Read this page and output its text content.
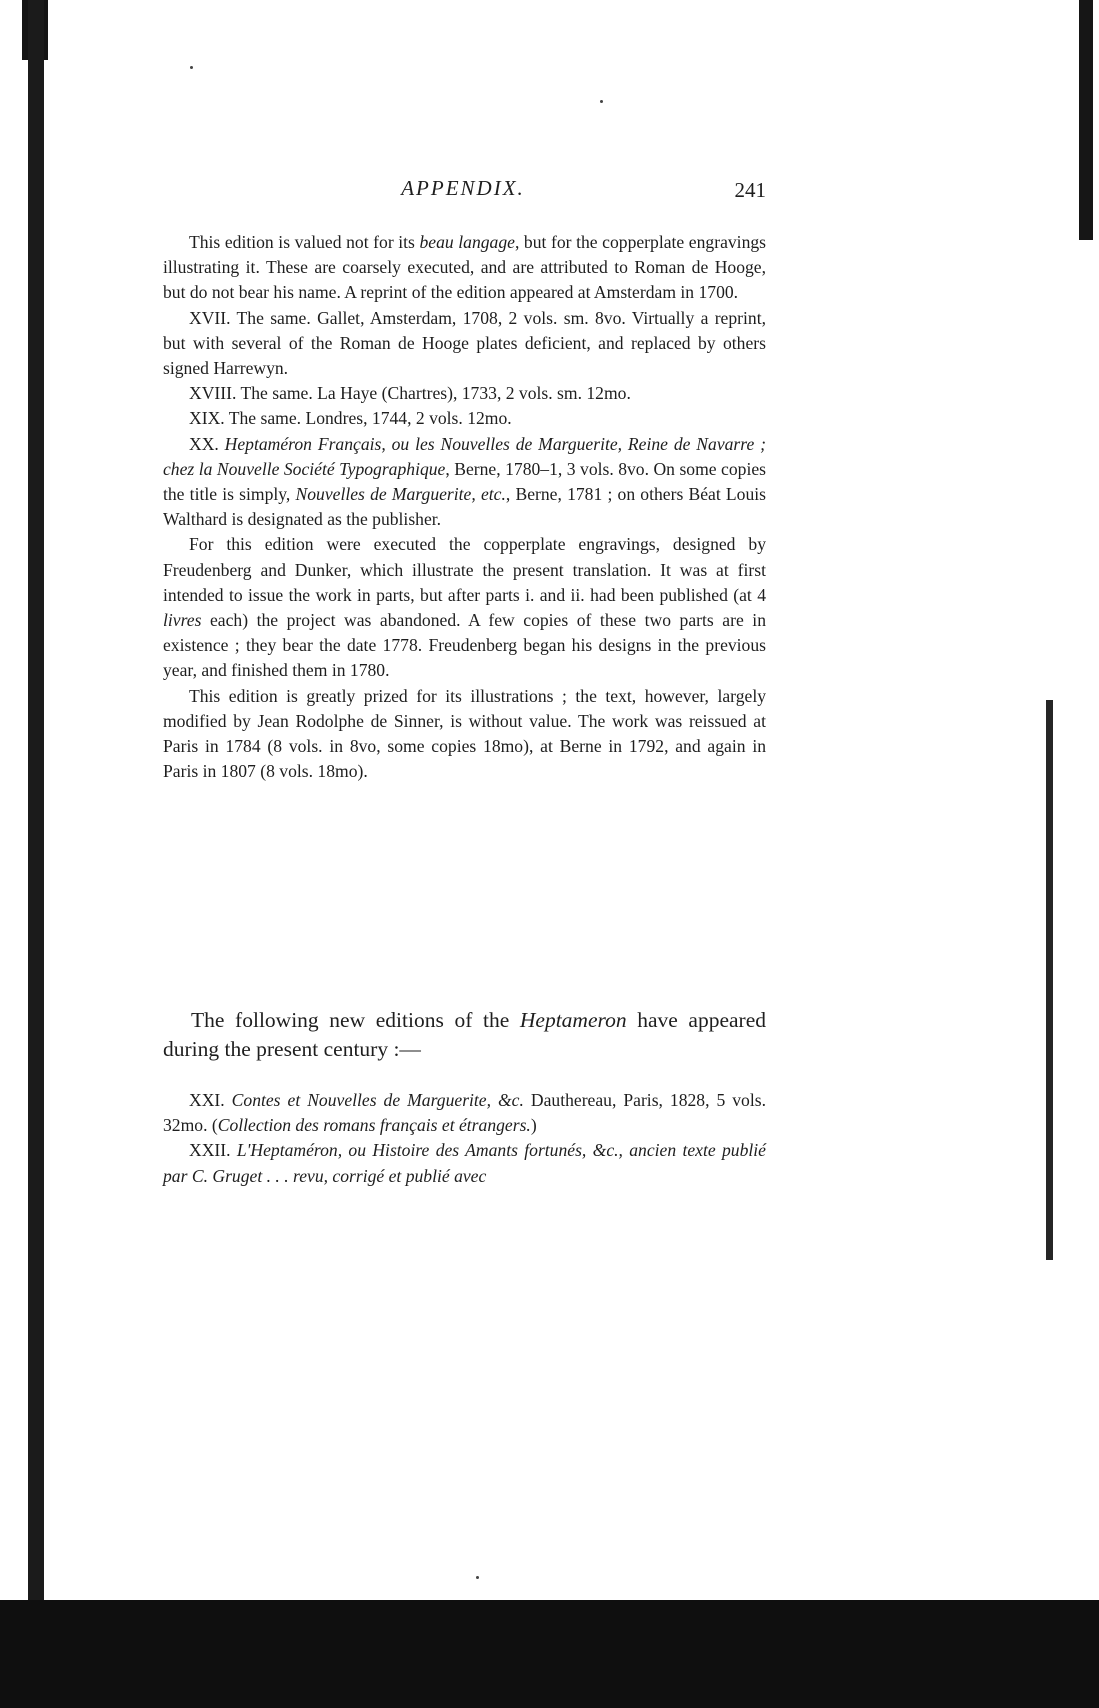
APPENDIX.	241

This edition is valued not for its beau langage, but for the copperplate engravings illustrating it. These are coarsely executed, and are attributed to Roman de Hooge, but do not bear his name. A reprint of the edition appeared at Amsterdam in 1700.

XVII. The same. Gallet, Amsterdam, 1708, 2 vols. sm. 8vo. Virtually a reprint, but with several of the Roman de Hooge plates deficient, and replaced by others signed Harrewyn.

XVIII. The same. La Haye (Chartres), 1733, 2 vols. sm. 12mo.

XIX. The same. Londres, 1744, 2 vols. 12mo.

XX. Heptaméron Français, ou les Nouvelles de Marguerite, Reine de Navarre ; chez la Nouvelle Société Typographique, Berne, 1780–1, 3 vols. 8vo. On some copies the title is simply, Nouvelles de Marguerite, etc., Berne, 1781 ; on others Béat Louis Walthard is designated as the publisher.

For this edition were executed the copperplate engravings, designed by Freudenberg and Dunker, which illustrate the present translation. It was at first intended to issue the work in parts, but after parts i. and ii. had been published (at 4 livres each) the project was abandoned. A few copies of these two parts are in existence ; they bear the date 1778. Freudenberg began his designs in the previous year, and finished them in 1780.

This edition is greatly prized for its illustrations ; the text, however, largely modified by Jean Rodolphe de Sinner, is without value. The work was reissued at Paris in 1784 (8 vols. in 8vo, some copies 18mo), at Berne in 1792, and again in Paris in 1807 (8 vols. 18mo).

The following new editions of the Heptameron have appeared during the present century :—

XXI. Contes et Nouvelles de Marguerite, &c. Dauthereau, Paris, 1828, 5 vols. 32mo. (Collection des romans français et étrangers.)

XXII. L'Heptaméron, ou Histoire des Amants fortunés, &c., ancien texte publié par C. Gruget . . . revu, corrigé et publié avec
